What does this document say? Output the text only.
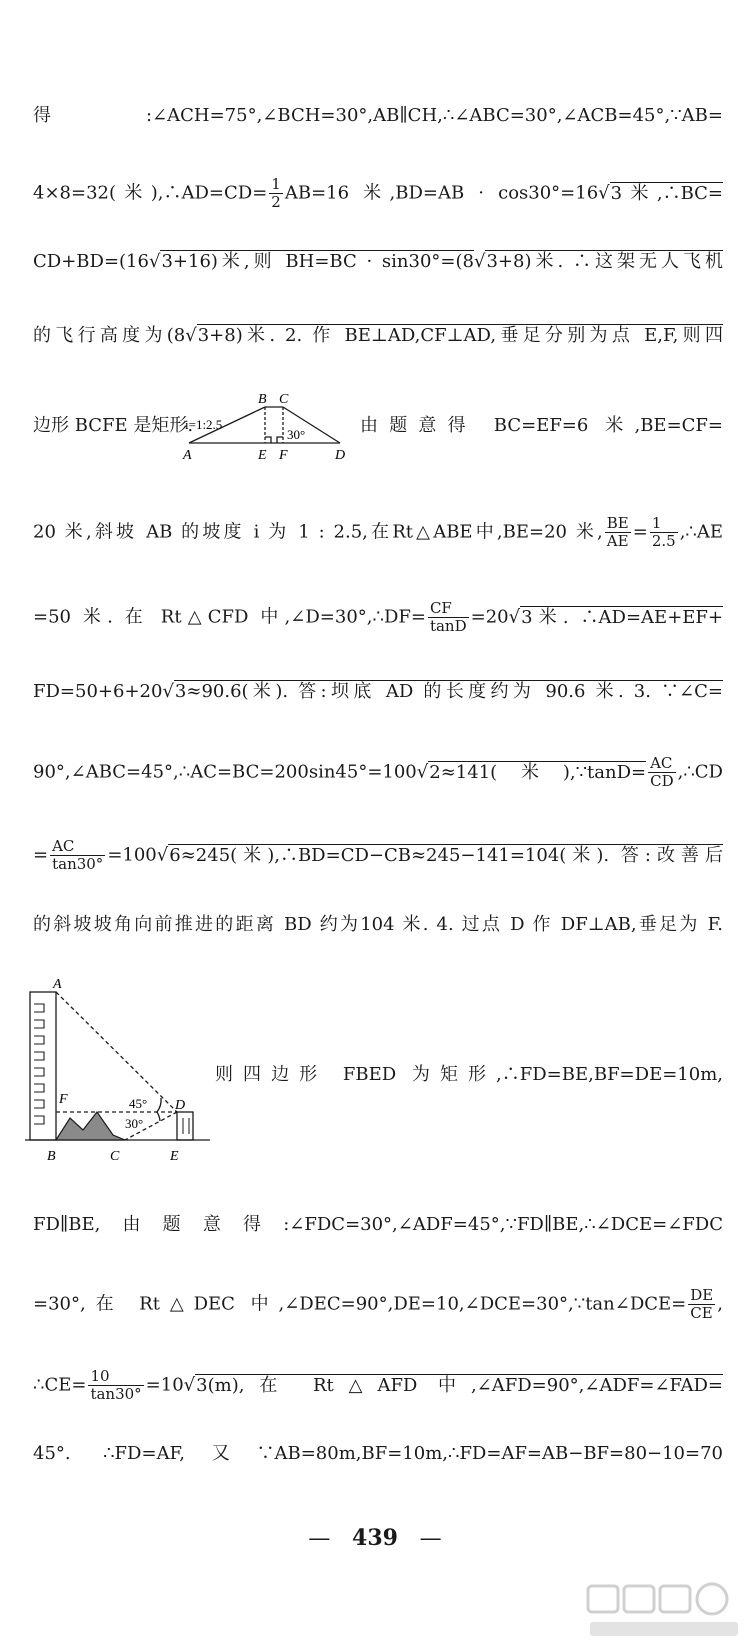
得:∠ACH=75°,∠BCH=30°,AB∥CH,∴∠ABC=30°,∠ACB=45°,∵AB=
4×8=32(米),∴AD=CD= $\frac{1}{2} AB=16$ 米,BD=AB · cos30°=16√3米,∴BC=
CD+BD=(16√3+16)米,则 BH=BC · sin30°=(8√3+8)米. ∴这架无人飞机
的飞行高度为(8√3+8)米. 2. 作 BE⊥AD,CF⊥AD,垂足分别为点 E,F,则四
边形 BCFE 是矩形.
A
B C
D
E F
i=1:2.5
30°	由题意得 BC=EF=6 米,BE=CF=
20 米,斜坡 AB 的坡度 i 为 1 : 2.5,在Rt△ABE中,BE=20 米, $\frac{BE}{AE} = \frac{1}{2.5}$ ,∴AE
=50 米. 在 Rt△CFD 中,∠D=30°,∴DF= $\frac{CF}{\tan D} =20√3$米. ∴AD=AE+EF+
FD=50+6+20√3≈90.6(米). 答:坝底 AD 的长度约为 90.6 米. 3. ∵∠C=
90°,∠ABC=45°,∴AC=BC=200sin45°=100√2≈141(米),∵tanD= $\frac{AC}{CD}$ ,∴CD
= $\frac{AC}{\tan 30^\circ} =100√6\approx 245$(米),∴BD=CD−CB≈245−141=104(米). 答:改善后
的斜坡坡角向前推进的距离 BD 约为104 米. 4. 过点 D 作 DF⊥AB,垂足为 F.
A
B	C
D
E
F	45°
30°
则四边形 FBED 为矩形,∴FD=BE,BF=DE=10m,
FD∥BE,由题意得:∠FDC=30°,∠ADF=45°,∵FD∥BE,∴∠DCE=∠FDC
=30°,在 Rt△DEC 中,∠DEC=90°,DE=10,∠DCE=30°,∵tan∠DCE= $\frac{DE}{CE}$ ,
∴CE= $\frac{10}{\tan 30^\circ} =10√3(m)$,在 Rt△AFD 中,∠AFD=90°,∠ADF=∠FAD=
45°. ∴FD=AF,又∵AB=80m,BF=10m,∴FD=AF=AB−BF=80−10=70
— 439 —
